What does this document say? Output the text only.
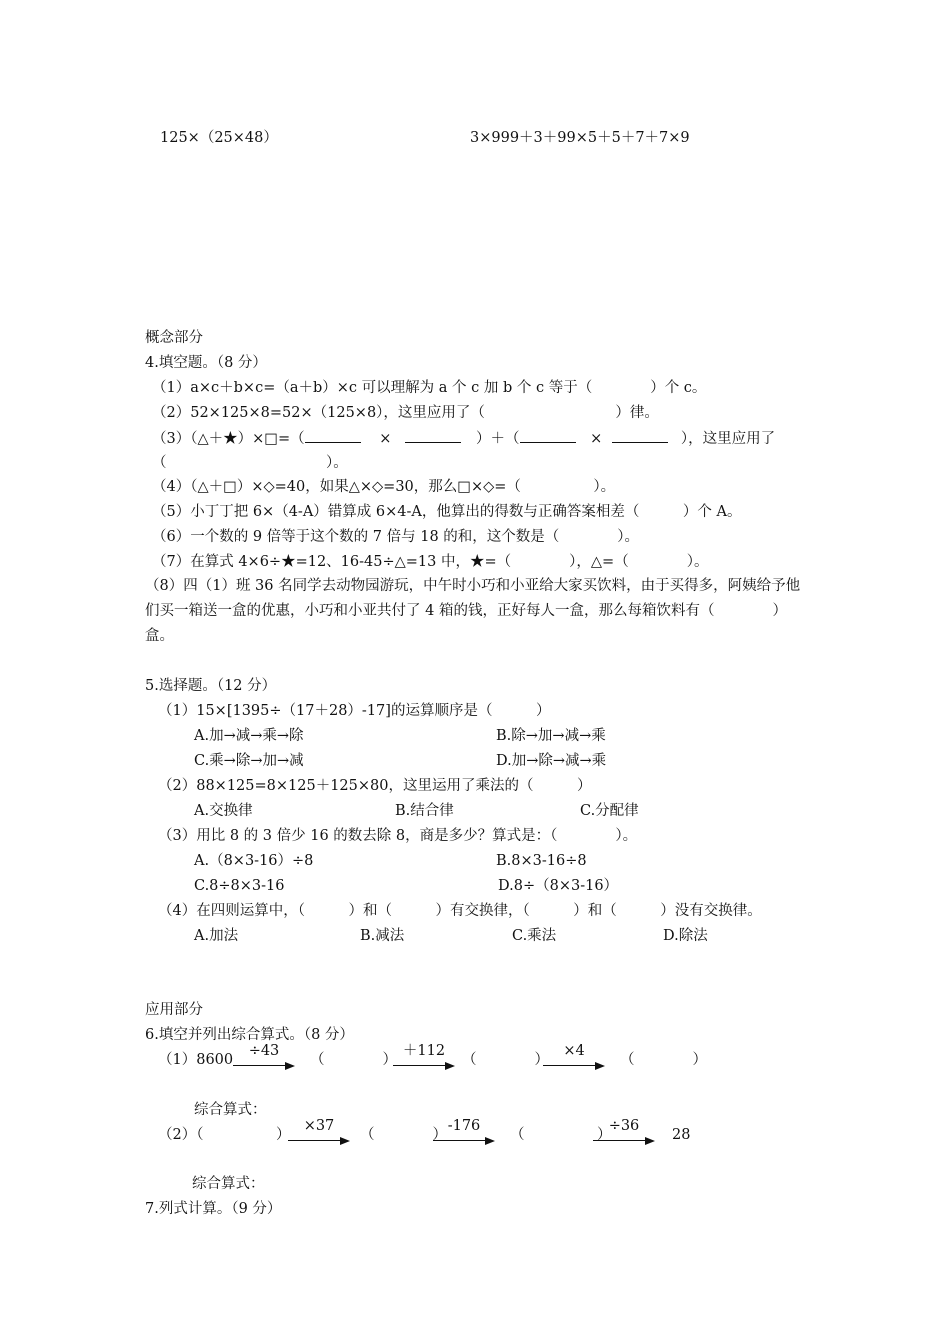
125×（25×48）	3×999＋3＋99×5＋5＋7＋7×9
概念部分
4.填空题。（8 分）
（1）a×c＋b×c=（a＋b）×c 可以理解为 a 个 c 加 b 个 c 等于（　　　　）个 c。
（2）52×125×8=52×（125×8），这里应用了（　　　　　　　　　）律。
（3）（△＋★）×□=（	×	）＋（	×	），这里应用了
（　　　　　　　　　　　）。
（4）（△＋□）×◇=40，如果△×◇=30，那么□×◇=（　　　　　）。
（5）小丁丁把 6×（4-A）错算成 6×4-A，他算出的得数与正确答案相差（　　　）个 A。
（6）一个数的 9 倍等于这个数的 7 倍与 18 的和，这个数是（　　　　）。
（7）在算式 4×6÷★=12、16-45÷△=13 中，★=（　　　　），△=（　　　　）。
（8）四（1）班 36 名同学去动物园游玩，中午时小巧和小亚给大家买饮料，由于买得多，阿姨给予他们买一箱送一盒的优惠，小巧和小亚共付了 4 箱的钱，正好每人一盒，那么每箱饮料有（　　　　）盒。
5.选择题。（12 分）
（1）15×[1395÷（17＋28）-17]的运算顺序是（　　　）
A.加→减→乘→除	B.除→加→减→乘
C.乘→除→加→减	D.加→除→减→乘
（2）88×125=8×125＋125×80，这里运用了乘法的（　　　）
A.交换律	B.结合律	C.分配律
（3）用比 8 的 3 倍少 16 的数去除 8，商是多少？算式是：（　　　　）。
A.（8×3-16）÷8	B.8×3-16÷8
C.8÷8×3-16	D.8÷（8×3-16）
（4）在四则运算中，（　　　）和（　　　）有交换律，（　　　）和（　　　）没有交换律。
A.加法	B.减法	C.乘法	D.除法
应用部分
6.填空并列出综合算式。（8 分）
（1）8600
÷43
（　　　　）
＋112
（　　　　）
×4
（　　　　）
综合算式：
（2）（　　　　　）
×37
（　　　　）
-176
（　　　　　）
÷36
28
综合算式：
7.列式计算。（9 分）
